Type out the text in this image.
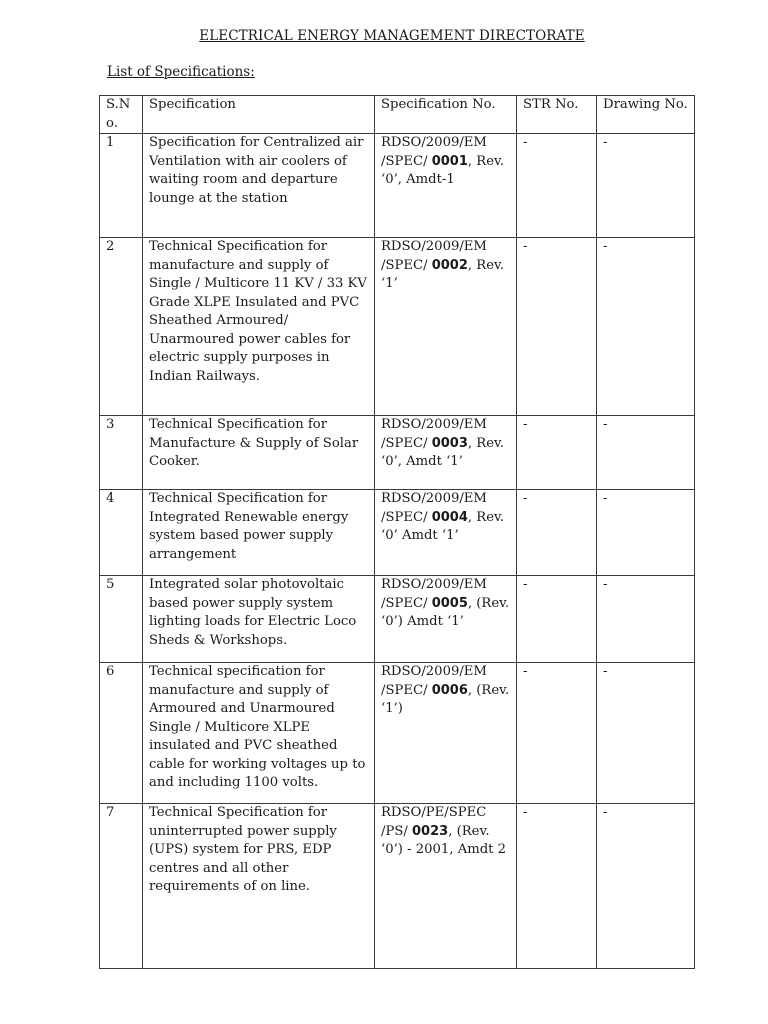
ELECTRICAL ENERGY MANAGEMENT DIRECTORATE
List of Specifications:
S.No.	Specification	Specification No.	STR No.	Drawing No.
1	Specification for Centralized air Ventilation with air coolers of waiting room and departure lounge at the station	RDSO/2009/EM /SPEC/ 0001, Rev. ‘0’, Amdt-1	-	-
2	Technical Specification for manufacture and supply of Single / Multicore 11 KV / 33 KV Grade XLPE Insulated and PVC Sheathed Armoured/ Unarmoured power cables for electric supply purposes in Indian Railways.	RDSO/2009/EM /SPEC/ 0002, Rev. ‘1’	-	-
3	Technical Specification for Manufacture & Supply of Solar Cooker.	RDSO/2009/EM /SPEC/ 0003, Rev. ‘0’, Amdt ‘1’	-	-
4	Technical Specification for Integrated Renewable energy system based power supply arrangement	RDSO/2009/EM /SPEC/ 0004, Rev. ‘0’ Amdt ‘1’	-	-
5	Integrated solar photovoltaic based power supply system lighting loads for Electric Loco Sheds & Workshops.	RDSO/2009/EM /SPEC/ 0005, (Rev. ‘0’) Amdt ‘1’	-	-
6	Technical specification for manufacture and supply of Armoured and Unarmoured Single / Multicore XLPE insulated and PVC sheathed cable for working voltages up to and including 1100 volts.	RDSO/2009/EM /SPEC/ 0006, (Rev. ‘1’)	-	-
7	Technical Specification for uninterrupted power supply (UPS) system for PRS, EDP centres and all other requirements of on line.	RDSO/PE/SPEC /PS/ 0023, (Rev. ‘0’) - 2001, Amdt 2	-	-
